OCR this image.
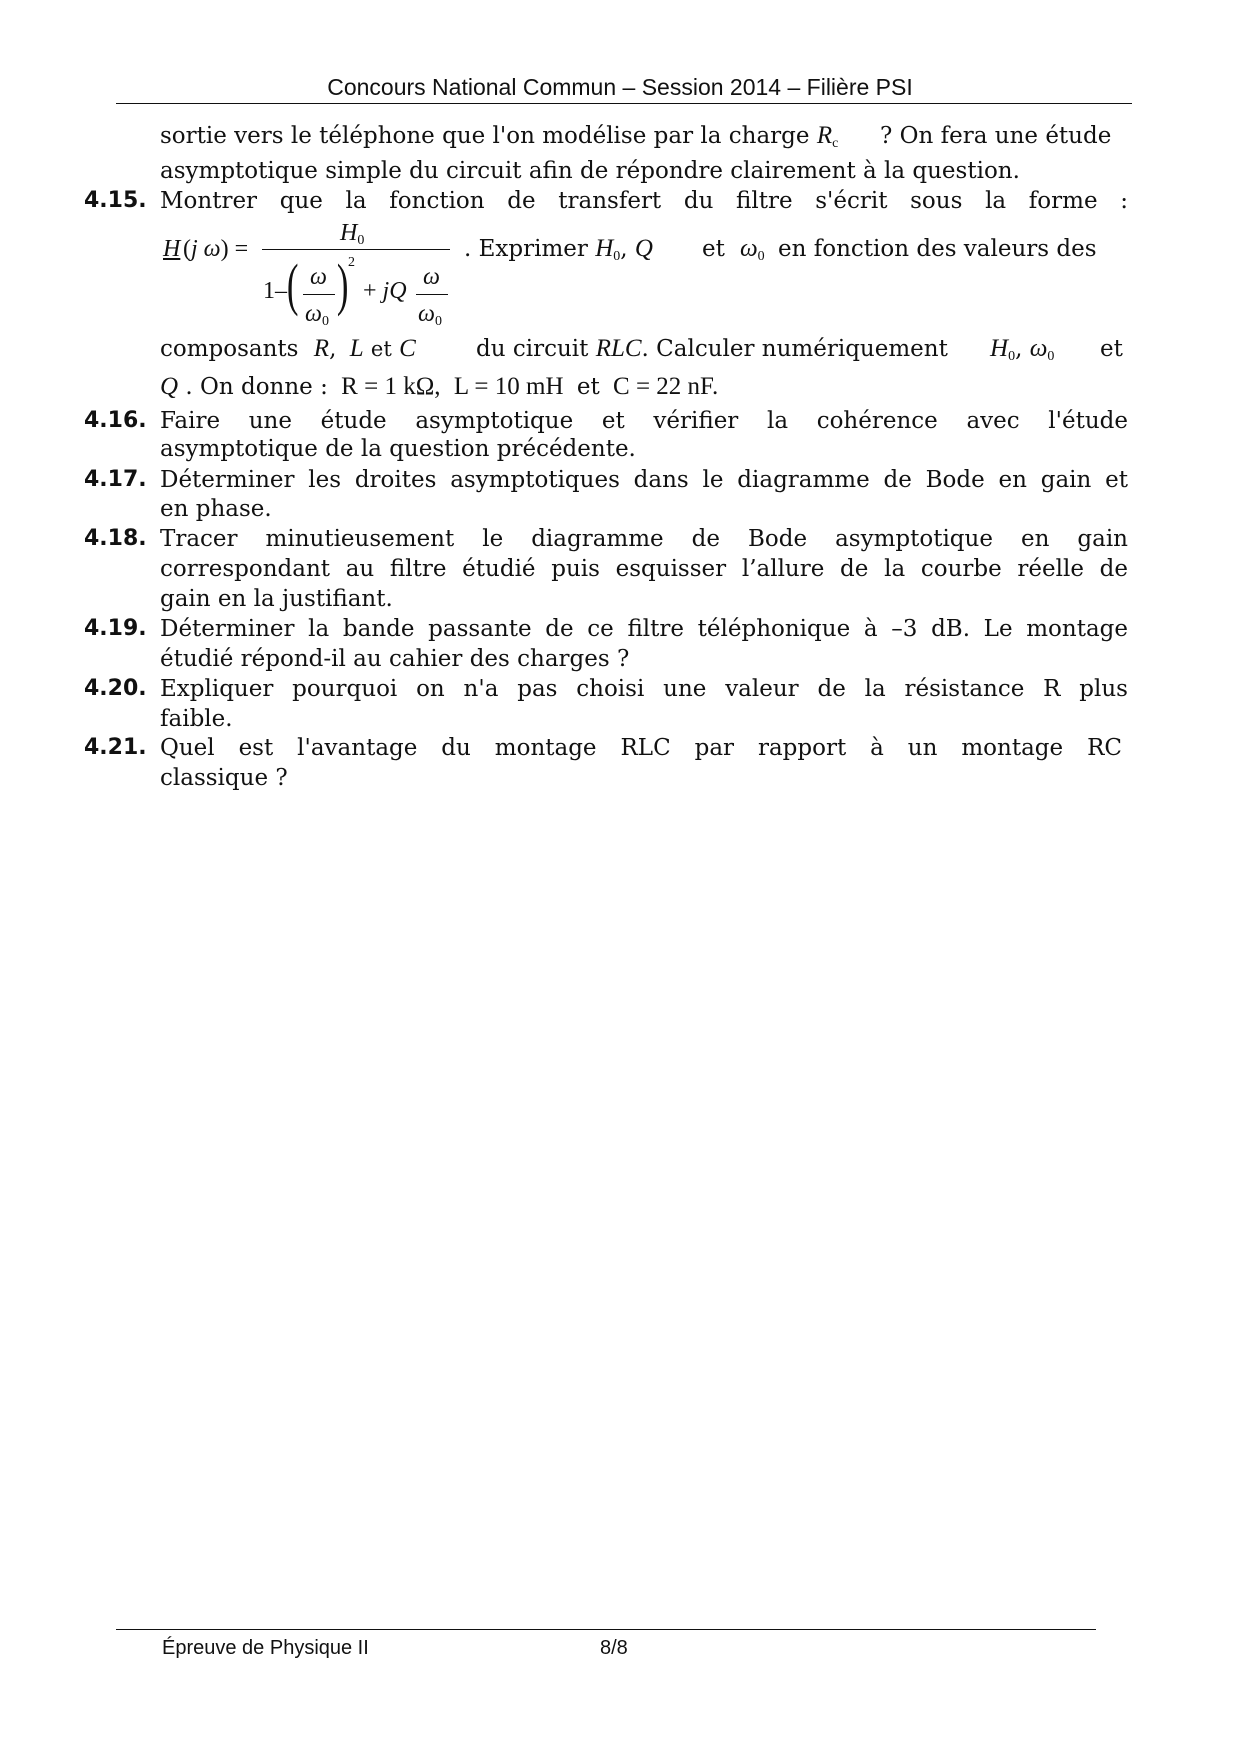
Concours National Commun – Session 2014 – Filière PSI
sortie vers le téléphone que l'on modélise par la charge $R_c$ ? On fera une étude
asymptotique simple du circuit afin de répondre clairement à la question.
4.15. Montrer que la fonction de transfert du filtre s'écrit sous la forme :
H (j ω) =
$H_0$
1– ( ω
$\omega_0$
) 2
+ jQ
ω
$\omega_0$
. Exprimer $H_0$, Q et $\omega_0$ en fonction des valeurs des
composants R, L et C	du circuit RLC. Calculer numériquement $H_0$, $\omega_0$ et
Q . On donne : R = 1 kΩ, L = 10 mH et C = 22 nF.
4.16. Faire une étude asymptotique et vérifier la cohérence avec l'étude
asymptotique de la question précédente.
4.17. Déterminer les droites asymptotiques dans le diagramme de Bode en gain et
en phase.
4.18. Tracer minutieusement le diagramme de Bode asymptotique en gain
correspondant au filtre étudié puis esquisser l’allure de la courbe réelle de
gain en la justifiant.
4.19. Déterminer la bande passante de ce filtre téléphonique à –3 dB. Le montage
étudié répond-il au cahier des charges ?
4.20. Expliquer pourquoi on n'a pas choisi une valeur de la résistance R plus
faible.
4.21. Quel est l'avantage du montage RLC par rapport à un montage RC
classique ?
Épreuve de Physique II	8/8
